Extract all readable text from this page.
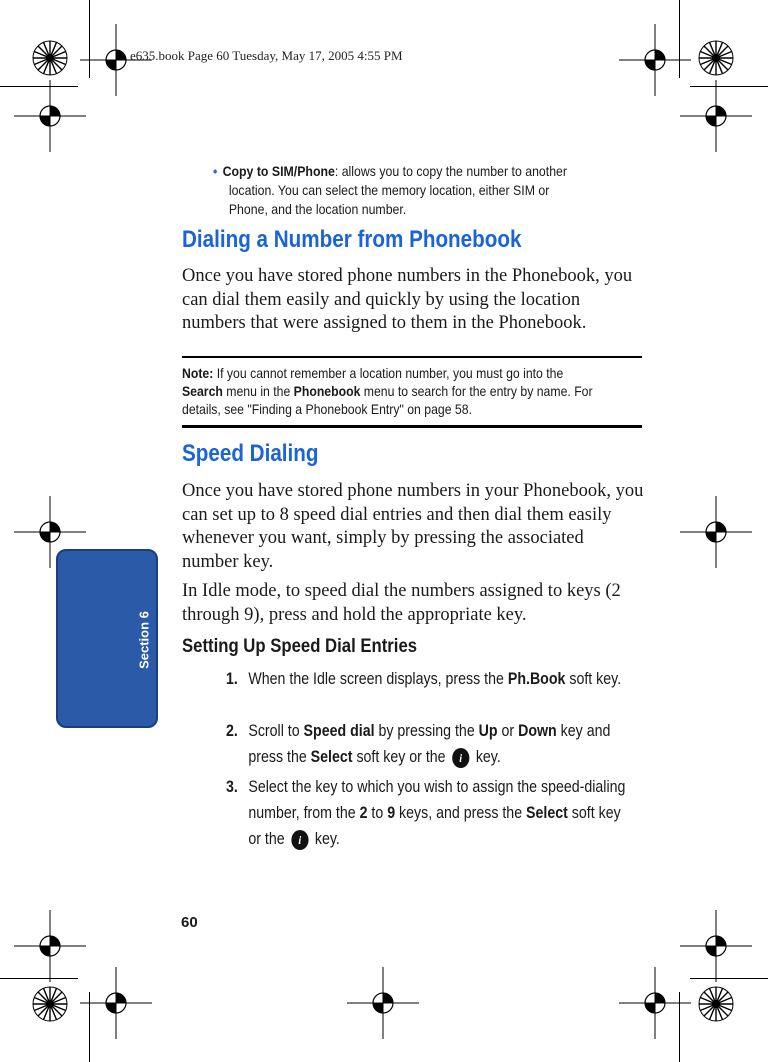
e635.book Page 60 Tuesday, May 17, 2005 4:55 PM
• Copy to SIM/Phone: allows you to copy the number to another
location. You can select the memory location, either SIM or
Phone, and the location number.
Dialing a Number from Phonebook
Once you have stored phone numbers in the Phonebook, you can dial them easily and quickly by using the location numbers that were assigned to them in the Phonebook.
Note: If you cannot remember a location number, you must go into the
Search menu in the Phonebook menu to search for the entry by name. For
details, see "Finding a Phonebook Entry" on page 58.
Speed Dialing
Once you have stored phone numbers in your Phonebook, you can set up to 8 speed dial entries and then dial them easily whenever you want, simply by pressing the associated number key.
In Idle mode, to speed dial the numbers assigned to keys (2 through 9), press and hold the appropriate key.
Setting Up Speed Dial Entries
1. When the Idle screen displays, press the Ph.Book soft key.
2. Scroll to Speed dial by pressing the Up or Down key and press the Select soft key or the i key.
3. Select the key to which you wish to assign the speed-dialing number, from the 2 to 9 keys, and press the Select soft key or the i key.
Section 6
60
